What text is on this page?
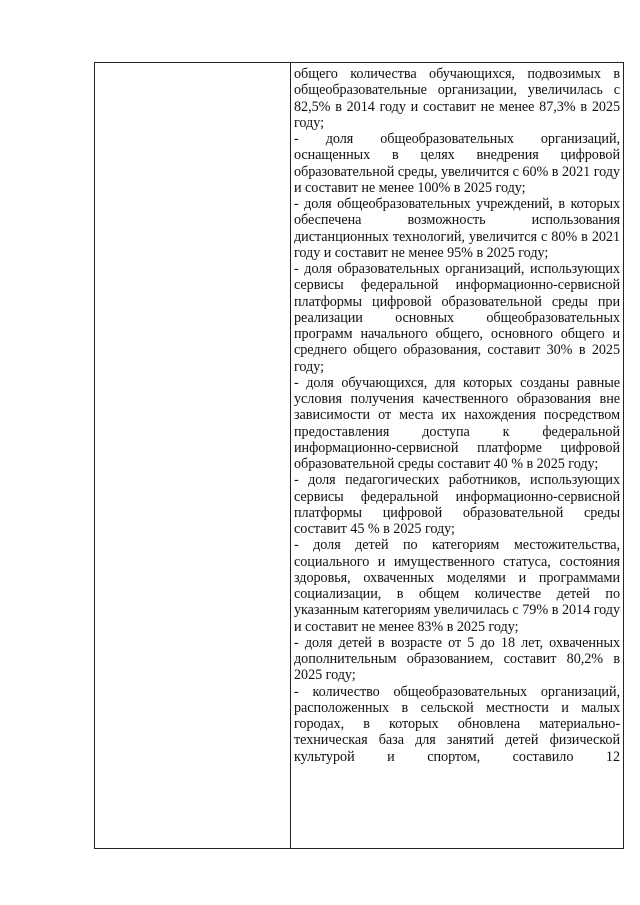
общего количества обучающихся, подвозимых в общеобразовательные организации, увеличилась с 82,5% в 2014 году и составит не менее 87,3% в 2025 году;

- доля общеобразовательных организаций, оснащенных в целях внедрения цифровой образовательной среды, увеличится с 60% в 2021 году и составит не менее 100% в 2025 году;

- доля общеобразовательных учреждений, в которых обеспечена возможность использования дистанционных технологий, увеличится с 80% в 2021 году и составит не менее 95% в 2025 году;

- доля образовательных организаций, использующих сервисы федеральной информационно-сервисной платформы цифровой образовательной среды при реализации основных общеобразовательных программ начального общего, основного общего и среднего общего образования, составит 30% в 2025 году;

- доля обучающихся, для которых созданы равные условия получения качественного образования вне зависимости от места их нахождения посредством предоставления доступа к федеральной информационно-сервисной платформе цифровой образовательной среды составит 40 % в 2025 году;

- доля педагогических работников, использующих сервисы федеральной информационно-сервисной платформы цифровой образовательной среды составит 45 % в 2025 году;

- доля детей по категориям местожительства, социального и имущественного статуса, состояния здоровья, охваченных моделями и программами социализации, в общем количестве детей по указанным категориям увеличилась с 79% в 2014 году и составит не менее 83% в 2025 году;

- доля детей в возрасте от 5 до 18 лет, охваченных дополнительным образованием, составит 80,2% в 2025 году;

- количество общеобразовательных организаций, расположенных в сельской местности и малых городах, в которых обновлена материально-техническая база для занятий детей физической культурой и спортом, составило 12
